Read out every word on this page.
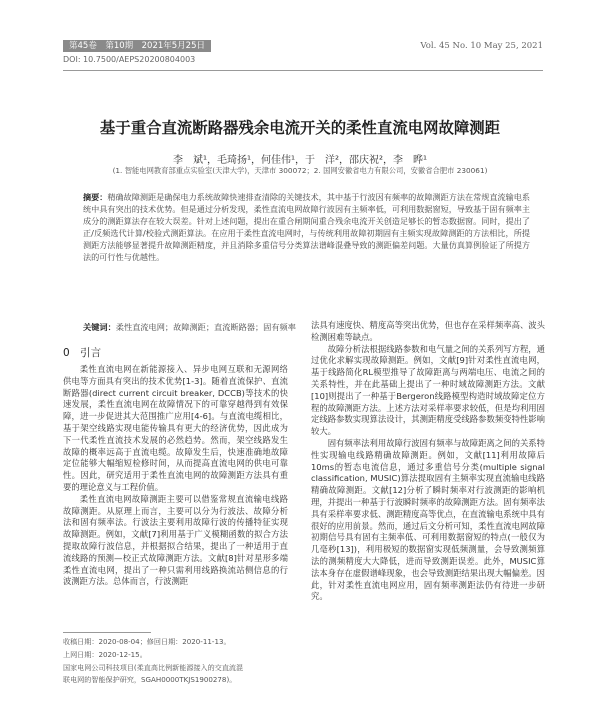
第45卷　第10期　2021年5月25日	Vol. 45 No. 10 May 25, 2021
DOI: 10.7500/AEPS20200804003
基于重合直流断路器残余电流开关的柔性直流电网故障测距
李　斌¹，毛琦扬¹，何佳伟¹，于　洋²，邵庆祝²，李　晔¹
(1. 智能电网教育部重点实验室(天津大学)，天津市 300072；2. 国网安徽省电力有限公司，安徽省合肥市 230061)
摘要：精确故障测距是确保电力系统故障快速排查清除的关键技术，其中基于行波因有频率的故障测距方法在常规直流输电系统中具有突出的技术优势。但是通过分析发现，柔性直流电网故障行波因有主频率低，可利用数据窗短，导致基于固有频率主成分的测距算法存在较大误差。针对上述问题，提出在重合闸期间重合残余电流开关创造足够长的暂态数据窗。同时，提出了正/反频选代计算/校验式测距算法。在应用于柔性直流电网时，与传统利用故障初期固有主频实现故障测距的方法相比，所提测距方法能够显著提升故障测距精度，并且消除多重信号分类算法谱峰混叠导致的测距偏差问题。大量仿真算例验证了所提方法的可行性与优越性。
关键词：柔性直流电网；故障测距；直流断路器；固有频率
0　引言

柔性直流电网在新能源接入、异步电网互联和无源网络供电等方面具有突出的技术优势[1-3]。随着直流保护、直流断路器(direct current circuit breaker, DCCB)等技术的快速发展，柔性直流电网在故障情况下的可靠穿越得到有效保障，进一步促进其大范围推广应用[4-6]。与直流电缆相比，基于架空线路实现电能传输具有更大的经济优势，因此成为下一代柔性直流技术发展的必然趋势。然而，架空线路发生故障的概率远高于直流电缆。故障发生后，快速准确地故障定位能够大幅缩短检修时间，从而提高直流电网的供电可靠性。因此，研究适用于柔性直流电网的故障测距方法具有重要的理论意义与工程价值。

柔性直流电网故障测距主要可以借鉴常规直流输电线路故障测距。从原理上而言，主要可以分为行波法、故障分析法和固有频率法。行波法主要利用故障行波的传播特征实现故障测距。例如，文献[7]利用基于广义模糊函数的拟合方法提取故障行波信息，并根据拟合结果，提出了一种适用于直流线路的预测—校正式故障测距方法。文献[8]针对星形多端柔性直流电网，提出了一种只需利用线路换流站侧信息的行波测距方法。总体而言，行波测距

法具有速度快、精度高等突出优势，但也存在采样频率高、波头检测困难等缺点。

故障分析法根据线路参数和电气量之间的关系列写方程，通过优化求解实现故障测距。例如，文献[9]针对柔性直流电网，基于线路简化RL模型推导了故障距离与两端电压、电流之间的关系特性，并在此基础上提出了一种时域故障测距方法。文献[10]则提出了一种基于Bergeron线路模型构造时域故障定位方程的故障测距方法。上述方法对采样率要求较低，但是均利用固定线路参数实现算法设计，其测距精度受线路参数频变特性影响较大。

固有频率法利用故障行波固有频率与故障距离之间的关系特性实现输电线路精确故障测距。例如，文献[11]利用故障后10ms的暂态电流信息，通过多重信号分类(multiple signal classification, MUSIC)算法提取固有主频率实现直流输电线路精确故障测距。文献[12]分析了瞬时频率对行波测距的影响机理，并提出一种基于行波瞬时频率的故障测距方法。固有频率法具有采样率要求低、测距精度高等优点，在直流输电系统中具有很好的应用前景。然而，通过后文分析可知，柔性直流电网故障初期信号具有固有主频率低、可利用数据窗短的特点(一般仅为几毫秒[13])，利用极短的数据窗实现低频测量，会导致测频算法的测频精度大大降低，进而导致测距误差。此外，MUSIC算法本身存在虚假谱峰现象，也会导致测距结果出现大幅偏差。因此，针对柔性直流电网应用，固有频率测距法仍有待进一步研究。

收稿日期：2020-08-04；修回日期：2020-11-13。
上网日期：2020-12-15。
国家电网公司科技项目(柔直高比例新能源接入的交直流混
联电网的智能保护研究，SGAH0000TKJS1900278)。
